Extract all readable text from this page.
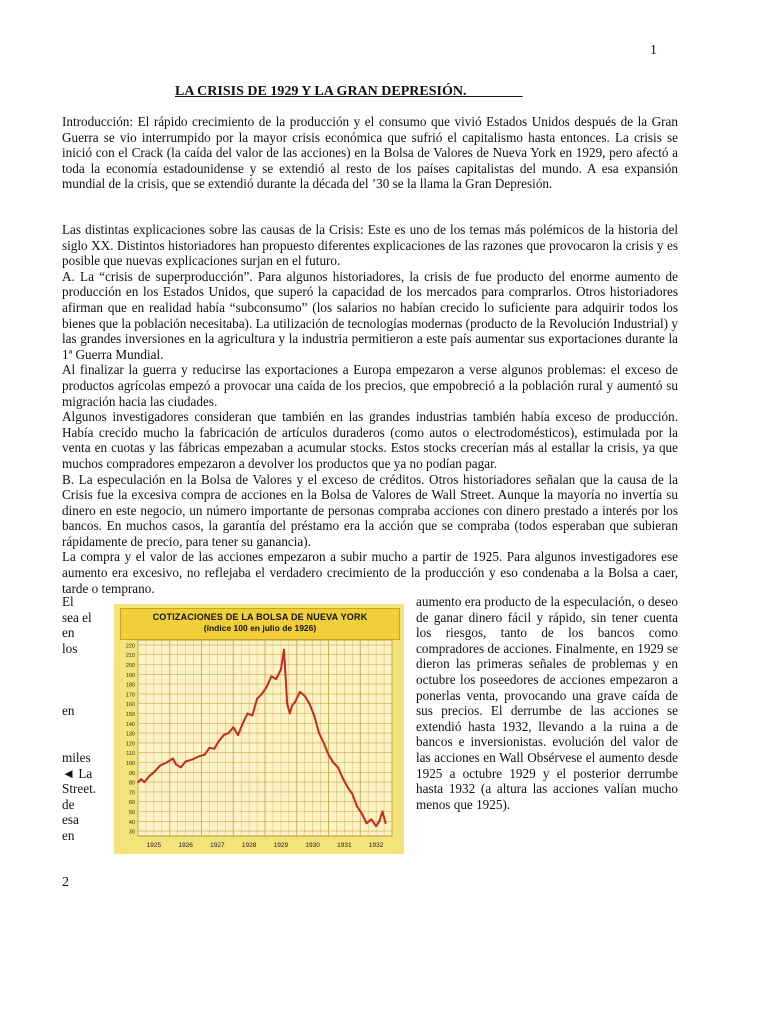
1
LA CRISIS DE 1929 Y LA GRAN DEPRESIÓN.

Introducción: El rápido crecimiento de la producción y el consumo que vivió Estados Unidos después de la Gran Guerra se vio interrumpido por la mayor crisis económica que sufrió el capitalismo hasta entonces. La crisis se inició con el Crack (la caída del valor de las acciones) en la Bolsa de Valores de Nueva York en 1929, pero afectó a toda la economía estadounidense y se extendió al resto de los países capitalistas del mundo. A esa expansión mundial de la crisis, que se extendió durante la década del ’30 se la llama la Gran Depresión.

Las distintas explicaciones sobre las causas de la Crisis: Este es uno de los temas más polémicos de la historia del siglo XX. Distintos historiadores han propuesto diferentes explicaciones de las razones que provocaron la crisis y es posible que nuevas explicaciones surjan en el futuro.
A. La “crisis de superproducción”. Para algunos historiadores, la crisis de fue producto del enorme aumento de producción en los Estados Unidos, que superó la capacidad de los mercados para comprarlos. Otros historiadores afirman que en realidad había “subconsumo” (los salarios no habían crecido lo suficiente para adquirir todos los bienes que la población necesitaba). La utilización de tecnologías modernas (producto de la Revolución Industrial) y las grandes inversiones en la agricultura y la industria permitieron a este país aumentar sus exportaciones durante la 1ª Guerra Mundial.
Al finalizar la guerra y reducirse las exportaciones a Europa empezaron a verse algunos problemas: el exceso de productos agrícolas empezó a provocar una caída de los precios, que empobreció a la población rural y aumentó su migración hacia las ciudades.
Algunos investigadores consideran que también en las grandes industrias también había exceso de producción. Había crecido mucho la fabricación de artículos duraderos (como autos o electrodomésticos), estimulada por la venta en cuotas y las fábricas empezaban a acumular stocks. Estos stocks crecerían más al estallar la crisis, ya que muchos compradores empezaron a devolver los productos que ya no podían pagar.
B. La especulación en la Bolsa de Valores y el exceso de créditos. Otros historiadores señalan que la causa de la Crisis fue la excesiva compra de acciones en la Bolsa de Valores de Wall Street. Aunque la mayoría no invertía su dinero en este negocio, un número importante de personas compraba acciones con dinero prestado a interés por los bancos. En muchos casos, la garantía del préstamo era la acción que se compraba (todos esperaban que subieran rápidamente de precio, para tener su ganancia).
La compra y el valor de las acciones empezaron a subir mucho a partir de 1925. Para algunos investigadores ese aumento era excesivo, no reflejaba el verdadero crecimiento de la producción y eso condenaba a la Bolsa a caer, tarde o temprano.
El
sea el
en
los
en
miles
◄ La
Street.
de
esa
en

aumento era producto de la especulación, o deseo de ganar dinero fácil y rápido, sin tener cuenta los riesgos, tanto de los bancos como compradores de acciones. Finalmente, en 1929 se dieron las primeras señales de problemas y en octubre los poseedores de acciones empezaron a ponerlas venta, provocando una grave caída de sus precios. El derrumbe de las acciones se extendió hasta 1932, llevando a la ruina a de bancos e inversionistas. evolución del valor de las acciones en Wall Obsérvese el aumento desde 1925 a octubre 1929 y el posterior derrumbe hasta 1932 (a altura las acciones valían mucho menos que 1925).

COTIZACIONES DE LA BOLSA DE NUEVA YORK
(índice 100 en julio de 1926)
30
40
50
60
70
80
90
100
110
120
130
140
150
160
170
180
190
200
210
220
1925	1926	1927	1928	1929	1930	1931	1932
2
